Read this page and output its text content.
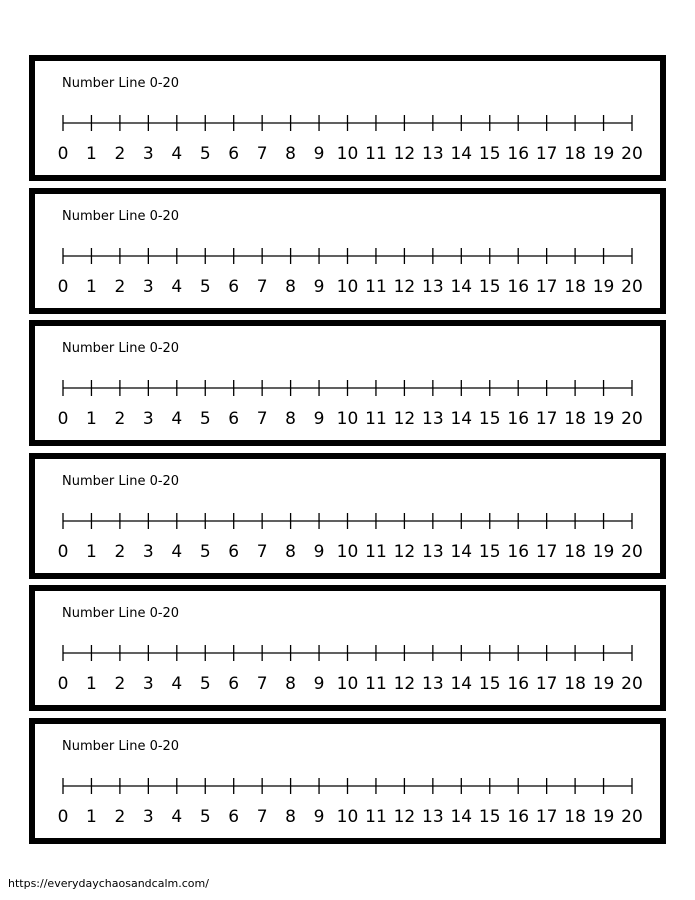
Number Line 0-20
0 1 2 3 4 5 6 7 8 9 10 11 12 13 14 15 16 17 18 19 20
Number Line 0-20
0 1 2 3 4 5 6 7 8 9 10 11 12 13 14 15 16 17 18 19 20
Number Line 0-20
0 1 2 3 4 5 6 7 8 9 10 11 12 13 14 15 16 17 18 19 20
Number Line 0-20
0 1 2 3 4 5 6 7 8 9 10 11 12 13 14 15 16 17 18 19 20
Number Line 0-20
0 1 2 3 4 5 6 7 8 9 10 11 12 13 14 15 16 17 18 19 20
Number Line 0-20
0 1 2 3 4 5 6 7 8 9 10 11 12 13 14 15 16 17 18 19 20
https://everydaychaosandcalm.com/
